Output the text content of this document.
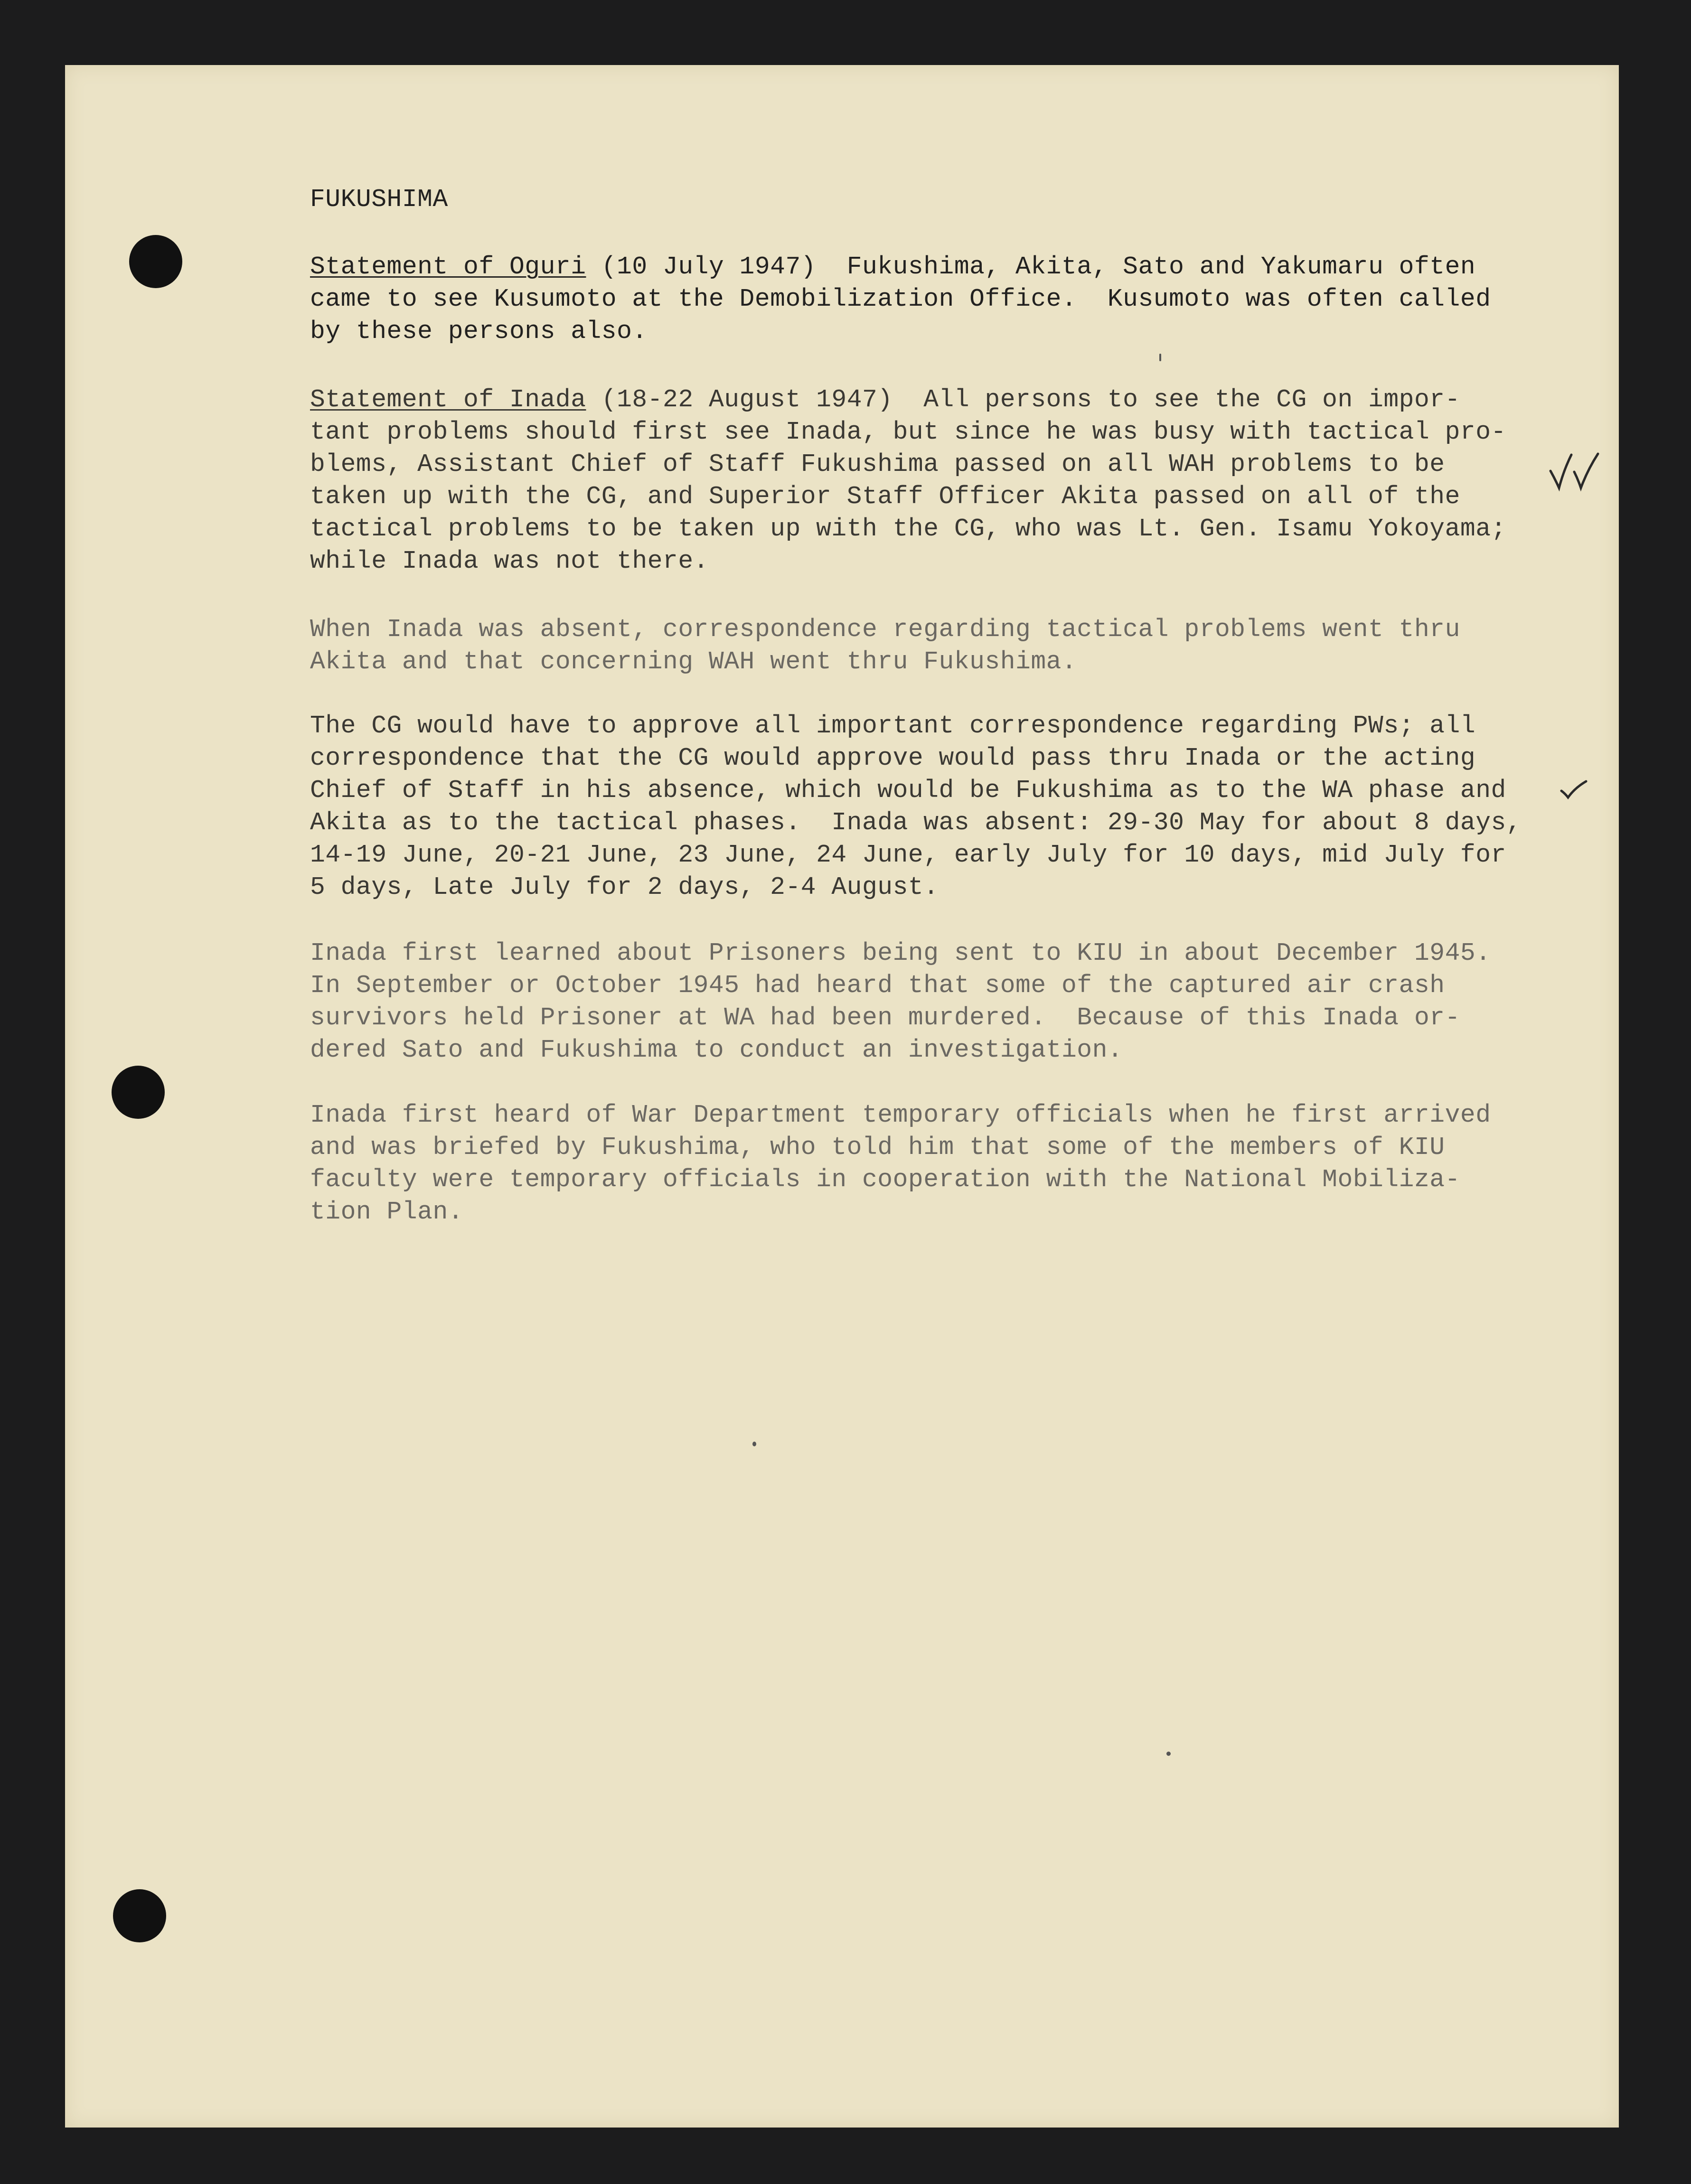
FUKUSHIMA
Statement of Oguri (10 July 1947)  Fukushima, Akita, Sato and Yakumaru often
came to see Kusumoto at the Demobilization Office.  Kusumoto was often called
by these persons also.
Statement of Inada (18-22 August 1947)  All persons to see the CG on impor-
tant problems should first see Inada, but since he was busy with tactical pro-
blems, Assistant Chief of Staff Fukushima passed on all WAH problems to be
taken up with the CG, and Superior Staff Officer Akita passed on all of the
tactical problems to be taken up with the CG, who was Lt. Gen. Isamu Yokoyama;
while Inada was not there.
When Inada was absent, correspondence regarding tactical problems went thru
Akita and that concerning WAH went thru Fukushima.
The CG would have to approve all important correspondence regarding PWs; all
correspondence that the CG would approve would pass thru Inada or the acting
Chief of Staff in his absence, which would be Fukushima as to the WA phase and
Akita as to the tactical phases.  Inada was absent: 29-30 May for about 8 days,
14-19 June, 20-21 June, 23 June, 24 June, early July for 10 days, mid July for
5 days, Late July for 2 days, 2-4 August.
Inada first learned about Prisoners being sent to KIU in about December 1945.
In September or October 1945 had heard that some of the captured air crash
survivors held Prisoner at WA had been murdered.  Because of this Inada or-
dered Sato and Fukushima to conduct an investigation.
Inada first heard of War Department temporary officials when he first arrived
and was briefed by Fukushima, who told him that some of the members of KIU
faculty were temporary officials in cooperation with the National Mobiliza-
tion Plan.
